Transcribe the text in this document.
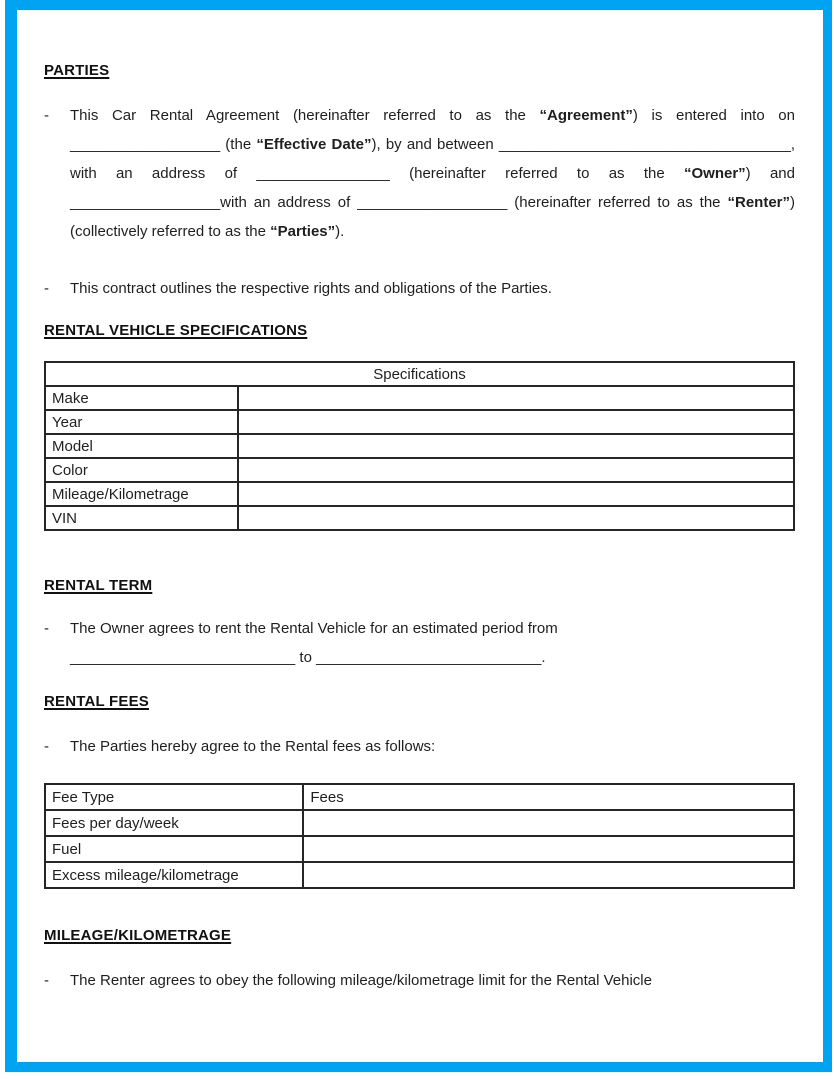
PARTIES
-	This Car Rental Agreement (hereinafter referred to as the “Agreement”) is entered into on __________________ (the “Effective Date”), by and between ___________________________________, with an address of ________________ (hereinafter referred to as the “Owner”) and __________________with an address of __________________ (hereinafter referred to as the “Renter”) (collectively referred to as the “Parties”).

-	This contract outlines the respective rights and obligations of the Parties.

RENTAL VEHICLE SPECIFICATIONS
Specifications	
Make	
Year	
Model	
Color	
Mileage/Kilometrage	
VIN	
RENTAL TERM
-	The Owner agrees to rent the Rental Vehicle for an estimated period from
___________________________ to ___________________________.
RENTAL FEES
-	The Parties hereby agree to the Rental fees as follows:

Fee Type	Fees
Fees per day/week	
Fuel	
Excess mileage/kilometrage	
MILEAGE/KILOMETRAGE
-	The Renter agrees to obey the following mileage/kilometrage limit for the Rental Vehicle
